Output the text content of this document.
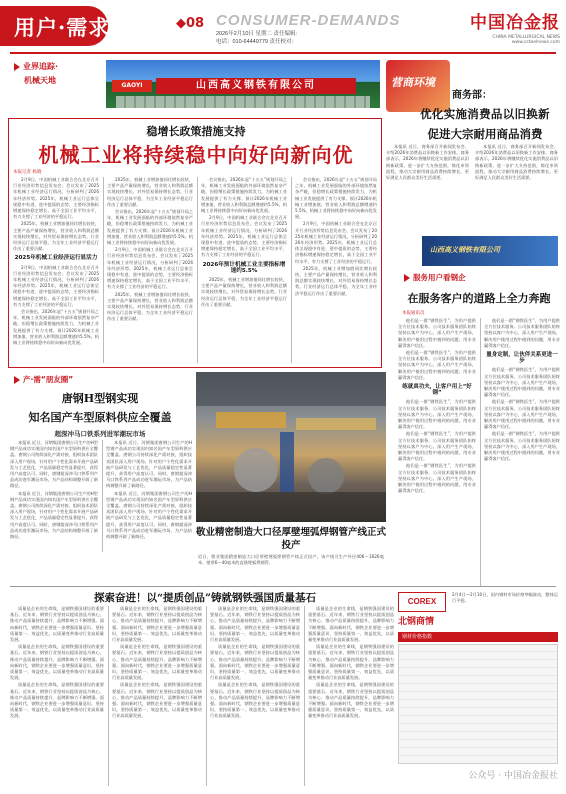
用户·需求	◆08 CONSUMER-DEMANDS
2026年2月10日 星期二 责任编辑：
电话：010-64449779 责任校对：
中国冶金报
CHINA METALLURGICAL NEWS
www.csteelnews.com
业界追踪·
机械天地
GAOYI	山西高义钢铁有限公司	营商环境
商务部：
优化实施消费品以旧换新
促进大宗耐用商品消费

本报讯 近日，商务部召开新闻发布会，介绍2026年消费品以旧换新工作安排。商务部表示，2026年将继续优化实施消费品以旧换新政策，进一步扩大支持范围，简化申领流程，推动大宗耐用商品消费持续增长，更好满足人民群众美好生活需要。

本报讯 近日，商务部召开新闻发布会，介绍2026年消费品以旧换新工作安排。商务部表示，2026年将继续优化实施消费品以旧换新政策，进一步扩大支持范围，简化申领流程，推动大宗耐用商品消费持续增长，更好满足人民群众美好生活需要。

山西高义钢铁有限公司
稳增长政策措施支持
机械工业将持续稳中向好向新向优
本报记者 杨晓

2月9日，中国机械工业联合会在北京召开行业经济形势信息发布会。会议发布了2025年机械工业经济运行情况，分析研判了2026年经济形势。2025年，机械工业运行总体呈现稳中有进、进中提质的态势，主要经济指标增速保持稳定增长，高于全国工业平均水平，有力支撑了工业经济的平稳运行。

2025年，机械工业增加值同比增长较快，主要产品产量保持增长，营业收入和利润总额实现较快增长，对外贸易保持增长态势，行业经济运行总体平稳，为全年工业经济平稳运行作出了重要贡献。

2025年机械工业经济运行显活力

2月9日，中国机械工业联合会在北京召开行业经济形势信息发布会。会议发布了2025年机械工业经济运行情况，分析研判了2026年经济形势。2025年，机械工业运行总体呈现稳中有进、进中提质的态势，主要经济指标增速保持稳定增长，高于全国工业平均水平，有力支撑了工业经济的平稳运行。

会议指出，2026年是“十五五”规划开局之年，机械工业发展面临的外部环境依然复杂严峻，但稳增长政策措施持续发力，为机械工业发展提供了有力支撑。预计2026年机械工业增加值、营业收入和利润总额增速约5.5%，机械工业将持续稳中向好向新向优发展。

2025年，机械工业增加值同比增长较快，主要产品产量保持增长，营业收入和利润总额实现较快增长，对外贸易保持增长态势，行业经济运行总体平稳，为全年工业经济平稳运行作出了重要贡献。

会议指出，2026年是“十五五”规划开局之年，机械工业发展面临的外部环境依然复杂严峻，但稳增长政策措施持续发力，为机械工业发展提供了有力支撑。预计2026年机械工业增加值、营业收入和利润总额增速约5.5%，机械工业将持续稳中向好向新向优发展。

2月9日，中国机械工业联合会在北京召开行业经济形势信息发布会。会议发布了2025年机械工业经济运行情况，分析研判了2026年经济形势。2025年，机械工业运行总体呈现稳中有进、进中提质的态势，主要经济指标增速保持稳定增长，高于全国工业平均水平，有力支撑了工业经济的平稳运行。

2025年，机械工业增加值同比增长较快，主要产品产量保持增长，营业收入和利润总额实现较快增长，对外贸易保持增长态势，行业经济运行总体平稳，为全年工业经济平稳运行作出了重要贡献。

会议指出，2026年是“十五五”规划开局之年，机械工业发展面临的外部环境依然复杂严峻，但稳增长政策措施持续发力，为机械工业发展提供了有力支撑。预计2026年机械工业增加值、营业收入和利润总额增速约5.5%，机械工业将持续稳中向好向新向优发展。

2月9日，中国机械工业联合会在北京召开行业经济形势信息发布会。会议发布了2025年机械工业经济运行情况，分析研判了2026年经济形势。2025年，机械工业运行总体呈现稳中有进、进中提质的态势，主要经济指标增速保持稳定增长，高于全国工业平均水平，有力支撑了工业经济的平稳运行。

2026年预计机械工业主要指标增速约5.5%

2025年，机械工业增加值同比增长较快，主要产品产量保持增长，营业收入和利润总额实现较快增长，对外贸易保持增长态势，行业经济运行总体平稳，为全年工业经济平稳运行作出了重要贡献。

会议指出，2026年是“十五五”规划开局之年，机械工业发展面临的外部环境依然复杂严峻，但稳增长政策措施持续发力，为机械工业发展提供了有力支撑。预计2026年机械工业增加值、营业收入和利润总额增速约5.5%，机械工业将持续稳中向好向新向优发展。

2月9日，中国机械工业联合会在北京召开行业经济形势信息发布会。会议发布了2025年机械工业经济运行情况，分析研判了2026年经济形势。2025年，机械工业运行总体呈现稳中有进、进中提质的态势，主要经济指标增速保持稳定增长，高于全国工业平均水平，有力支撑了工业经济的平稳运行。

2025年，机械工业增加值同比增长较快，主要产品产量保持增长，营业收入和利润总额实现较快增长，对外贸易保持增长态势，行业经济运行总体平稳，为全年工业经济平稳运行作出了重要贡献。

服务用户看钢企
在服务客户的道路上全力奔跑
本报通讯员

他们是一群“钢铁医生”，为用户提供全方位技术服务。公司技术服务团队始终坚持以客户为中心，深入用户生产现场，解决用户使用过程中遇到的问题，用专业赢得客户信任。

他们是一群“钢铁医生”，为用户提供全方位技术服务。公司技术服务团队始终坚持以客户为中心，深入用户生产现场，解决用户使用过程中遇到的问题，用专业赢得客户信任。

练就真功夫，让客户用上“好钢”

他们是一群“钢铁医生”，为用户提供全方位技术服务。公司技术服务团队始终坚持以客户为中心，深入用户生产现场，解决用户使用过程中遇到的问题，用专业赢得客户信任。

他们是一群“钢铁医生”，为用户提供全方位技术服务。公司技术服务团队始终坚持以客户为中心，深入用户生产现场，解决用户使用过程中遇到的问题，用专业赢得客户信任。

他们是一群“钢铁医生”，为用户提供全方位技术服务。公司技术服务团队始终坚持以客户为中心，深入用户生产现场，解决用户使用过程中遇到的问题，用专业赢得客户信任。

他们是一群“钢铁医生”，为用户提供全方位技术服务。公司技术服务团队始终坚持以客户为中心，深入用户生产现场，解决用户使用过程中遇到的问题，用专业赢得客户信任。

量身定制，让伙伴关系更进一步

他们是一群“钢铁医生”，为用户提供全方位技术服务。公司技术服务团队始终坚持以客户为中心，深入用户生产现场，解决用户使用过程中遇到的问题，用专业赢得客户信任。

他们是一群“钢铁医生”，为用户提供全方位技术服务。公司技术服务团队始终坚持以客户为中心，深入用户生产现场，解决用户使用过程中遇到的问题，用专业赢得客户信任。

他们是一群“钢铁医生”，为用户提供全方位技术服务。公司技术服务团队始终坚持以客户为中心，深入用户生产现场，解决用户使用过程中遇到的问题，用专业赢得客户信任。

产·需“朋友圈”
唐钢H型钢实现
知名国产车型原料供应全覆盖
超深冲马口铁系列进军潮玩市场

本报讯 近日，河钢集团唐钢公司生产的H型钢产品成功实现国内知名国产车型原料供应全覆盖。唐钢公司持续深化产需对接，组织技术团队深入用户现场，针对用户个性化需求开展产品研发与工艺优化，产品质量稳定性显著提升，获得用户高度认可。同时，唐钢超深冲马口铁系列产品成功进军潮玩市场，为产品结构调整开辟了新路径。

本报讯 近日，河钢集团唐钢公司生产的H型钢产品成功实现国内知名国产车型原料供应全覆盖。唐钢公司持续深化产需对接，组织技术团队深入用户现场，针对用户个性化需求开展产品研发与工艺优化，产品质量稳定性显著提升，获得用户高度认可。同时，唐钢超深冲马口铁系列产品成功进军潮玩市场，为产品结构调整开辟了新路径。

本报讯 近日，河钢集团唐钢公司生产的H型钢产品成功实现国内知名国产车型原料供应全覆盖。唐钢公司持续深化产需对接，组织技术团队深入用户现场，针对用户个性化需求开展产品研发与工艺优化，产品质量稳定性显著提升，获得用户高度认可。同时，唐钢超深冲马口铁系列产品成功进军潮玩市场，为产品结构调整开辟了新路径。

本报讯 近日，河钢集团唐钢公司生产的H型钢产品成功实现国内知名国产车型原料供应全覆盖。唐钢公司持续深化产需对接，组织技术团队深入用户现场，针对用户个性化需求开展产品研发与工艺优化，产品质量稳定性显著提升，获得用户高度认可。同时，唐钢超深冲马口铁系列产品成功进军潮玩市场，为产品结构调整开辟了新路径。	敬业精密制造大口径厚壁埋弧焊钢管产线正式投产
近日，敬业集团精密制造大口径厚壁埋弧焊钢管产线正式投产，该产线可生产外径406～1626毫米、壁厚6～40毫米的直缝埋弧焊钢管。
探索奋进！以“提质创品”铸就钢铁强国质量基石

质量是企业的生命线，是钢铁强国建设的重要基石。近年来，钢铁行业坚持以提质创品为核心，推动产品质量持续提升，品牌影响力不断增强。面向新时代，钢铁企业要进一步增强质量意识，坚持质量第一、效益优先，以质量变革推动行业高质量发展。

质量是企业的生命线，是钢铁强国建设的重要基石。近年来，钢铁行业坚持以提质创品为核心，推动产品质量持续提升，品牌影响力不断增强。面向新时代，钢铁企业要进一步增强质量意识，坚持质量第一、效益优先，以质量变革推动行业高质量发展。

质量是企业的生命线，是钢铁强国建设的重要基石。近年来，钢铁行业坚持以提质创品为核心，推动产品质量持续提升，品牌影响力不断增强。面向新时代，钢铁企业要进一步增强质量意识，坚持质量第一、效益优先，以质量变革推动行业高质量发展。

质量是企业的生命线，是钢铁强国建设的重要基石。近年来，钢铁行业坚持以提质创品为核心，推动产品质量持续提升，品牌影响力不断增强。面向新时代，钢铁企业要进一步增强质量意识，坚持质量第一、效益优先，以质量变革推动行业高质量发展。

质量是企业的生命线，是钢铁强国建设的重要基石。近年来，钢铁行业坚持以提质创品为核心，推动产品质量持续提升，品牌影响力不断增强。面向新时代，钢铁企业要进一步增强质量意识，坚持质量第一、效益优先，以质量变革推动行业高质量发展。

质量是企业的生命线，是钢铁强国建设的重要基石。近年来，钢铁行业坚持以提质创品为核心，推动产品质量持续提升，品牌影响力不断增强。面向新时代，钢铁企业要进一步增强质量意识，坚持质量第一、效益优先，以质量变革推动行业高质量发展。

质量是企业的生命线，是钢铁强国建设的重要基石。近年来，钢铁行业坚持以提质创品为核心，推动产品质量持续提升，品牌影响力不断增强。面向新时代，钢铁企业要进一步增强质量意识，坚持质量第一、效益优先，以质量变革推动行业高质量发展。

质量是企业的生命线，是钢铁强国建设的重要基石。近年来，钢铁行业坚持以提质创品为核心，推动产品质量持续提升，品牌影响力不断增强。面向新时代，钢铁企业要进一步增强质量意识，坚持质量第一、效益优先，以质量变革推动行业高质量发展。

质量是企业的生命线，是钢铁强国建设的重要基石。近年来，钢铁行业坚持以提质创品为核心，推动产品质量持续提升，品牌影响力不断增强。面向新时代，钢铁企业要进一步增强质量意识，坚持质量第一、效益优先，以质量变革推动行业高质量发展。

质量是企业的生命线，是钢铁强国建设的重要基石。近年来，钢铁行业坚持以提质创品为核心，推动产品质量持续提升，品牌影响力不断增强。面向新时代，钢铁企业要进一步增强质量意识，坚持质量第一、效益优先，以质量变革推动行业高质量发展。

质量是企业的生命线，是钢铁强国建设的重要基石。近年来，钢铁行业坚持以提质创品为核心，推动产品质量持续提升，品牌影响力不断增强。面向新时代，钢铁企业要进一步增强质量意识，坚持质量第一、效益优先，以质量变革推动行业高质量发展。

质量是企业的生命线，是钢铁强国建设的重要基石。近年来，钢铁行业坚持以提质创品为核心，推动产品质量持续提升，品牌影响力不断增强。面向新时代，钢铁企业要进一步增强质量意识，坚持质量第一、效益优先，以质量变革推动行业高质量发展。

COREX
北钢商情
2月4日—2月10日，国内钢材市场价格窄幅波动，整体运行平稳。
钢材价格指数
公众号 · 中国冶金报社
